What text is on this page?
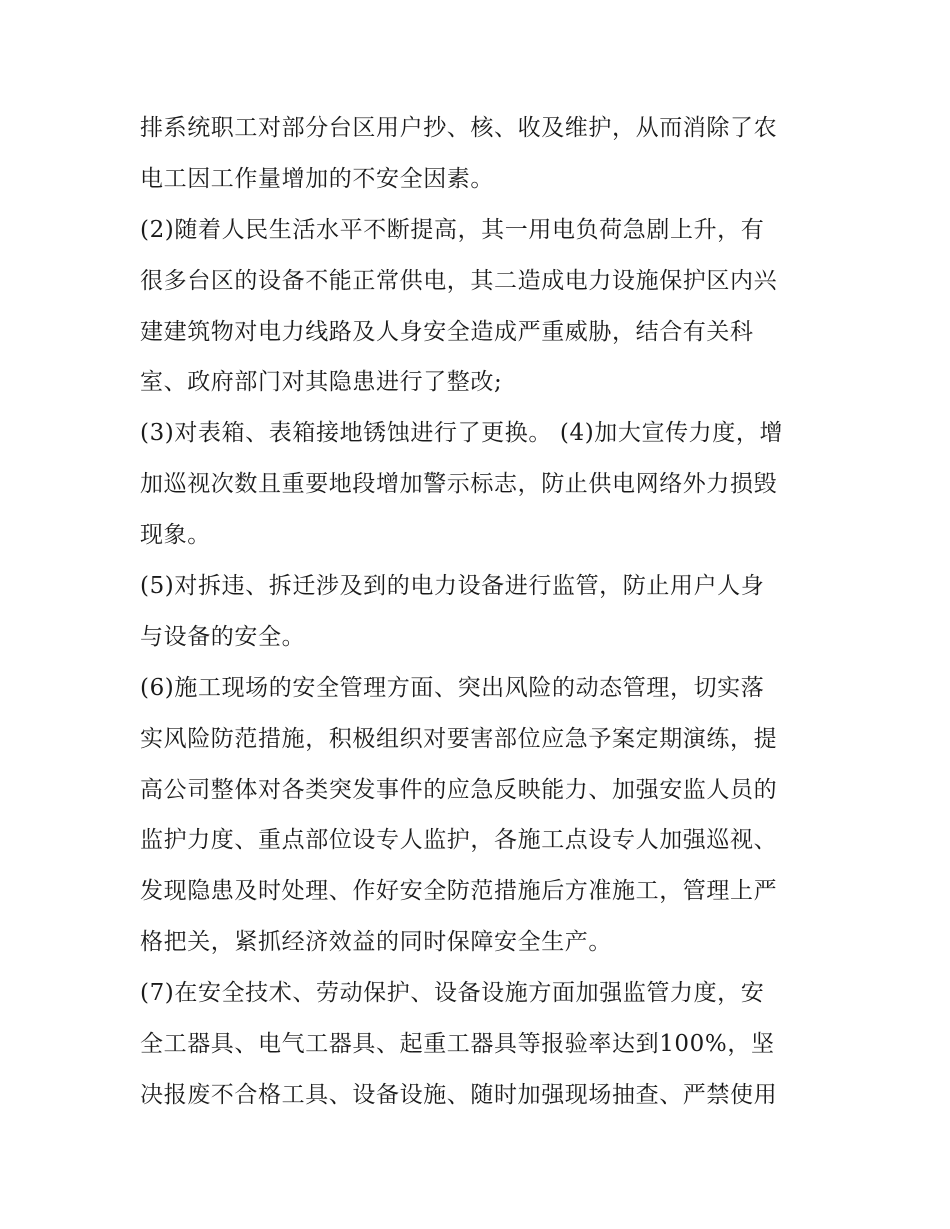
排系统职工对部分台区用户抄、核、收及维护，从而消除了农
电工因工作量增加的不安全因素。
(2)随着人民生活水平不断提高，其一用电负荷急剧上升，有
很多台区的设备不能正常供电，其二造成电力设施保护区内兴
建建筑物对电力线路及人身安全造成严重威胁，结合有关科
室、政府部门对其隐患进行了整改;
(3)对表箱、表箱接地锈蚀进行了更换。 (4)加大宣传力度，增
加巡视次数且重要地段增加警示标志，防止供电网络外力损毁
现象。
(5)对拆违、拆迁涉及到的电力设备进行监管，防止用户人身
与设备的安全。
(6)施工现场的安全管理方面、突出风险的动态管理，切实落
实风险防范措施，积极组织对要害部位应急予案定期演练，提
高公司整体对各类突发事件的应急反映能力、加强安监人员的
监护力度、重点部位设专人监护，各施工点设专人加强巡视、
发现隐患及时处理、作好安全防范措施后方准施工，管理上严
格把关，紧抓经济效益的同时保障安全生产。
(7)在安全技术、劳动保护、设备设施方面加强监管力度，安
全工器具、电气工器具、起重工器具等报验率达到100%，坚
决报废不合格工具、设备设施、随时加强现场抽查、严禁使用
